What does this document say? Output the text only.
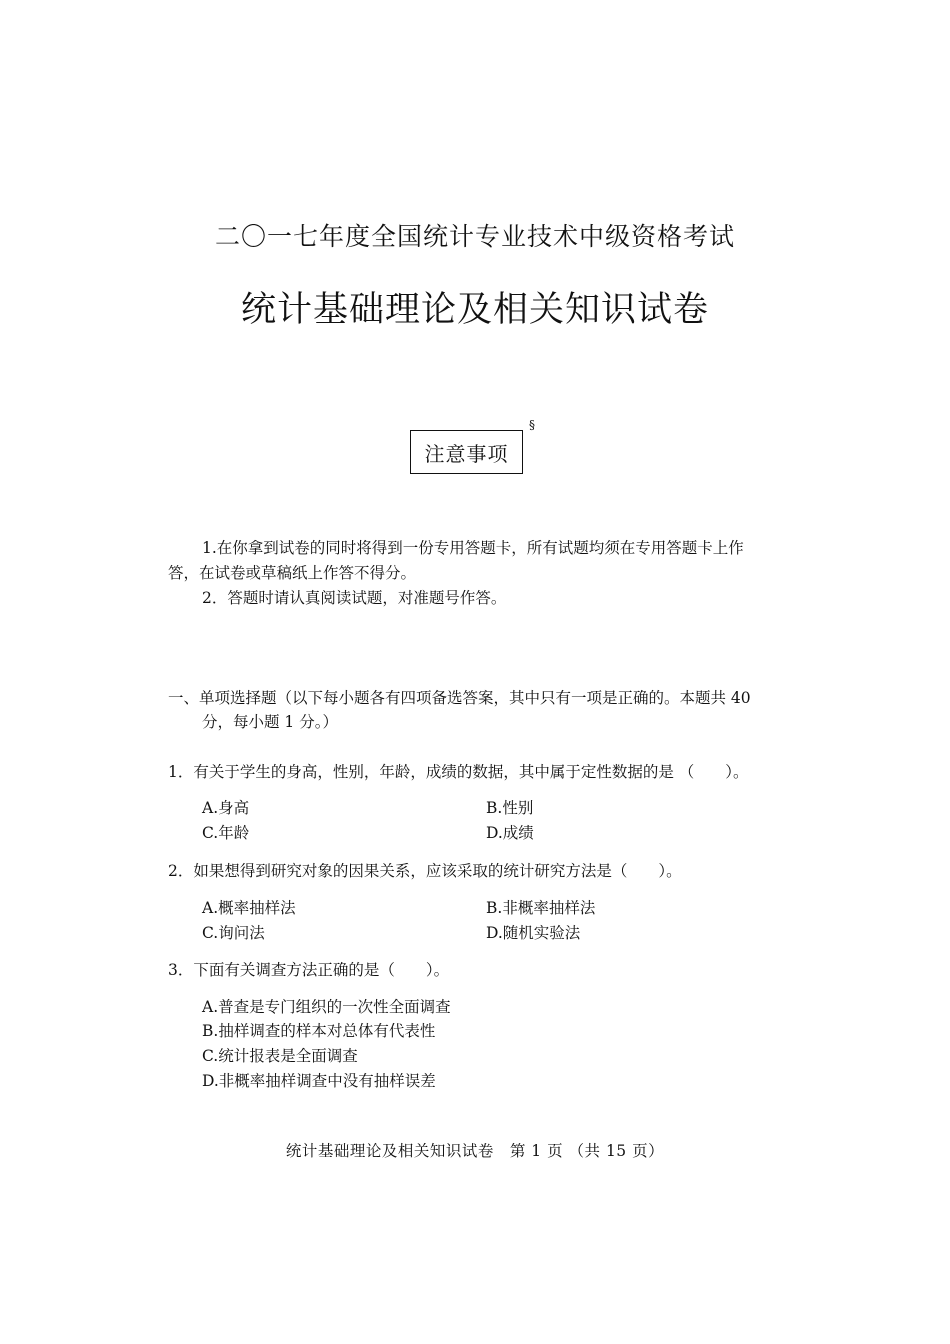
二〇一七年度全国统计专业技术中级资格考试
统计基础理论及相关知识试卷
注意事项
§
1.在你拿到试卷的同时将得到一份专用答题卡，所有试题均须在专用答题卡上作
答，在试卷或草稿纸上作答不得分。
2．答题时请认真阅读试题，对准题号作答。
一、单项选择题（以下每小题各有四项备选答案，其中只有一项是正确的。本题共 40
分，每小题 1 分。）
1．有关于学生的身高，性别，年龄，成绩的数据，其中属于定性数据的是 （　　）。
A.身高	B.性别
C.年龄	D.成绩
2．如果想得到研究对象的因果关系，应该采取的统计研究方法是（　　）。
A.概率抽样法	B.非概率抽样法
C.询问法	D.随机实验法
3．下面有关调查方法正确的是（　　）。
A.普查是专门组织的一次性全面调查
B.抽样调查的样本对总体有代表性
C.统计报表是全面调查
D.非概率抽样调查中没有抽样误差
统计基础理论及相关知识试卷　第 1 页 （共 15 页）
